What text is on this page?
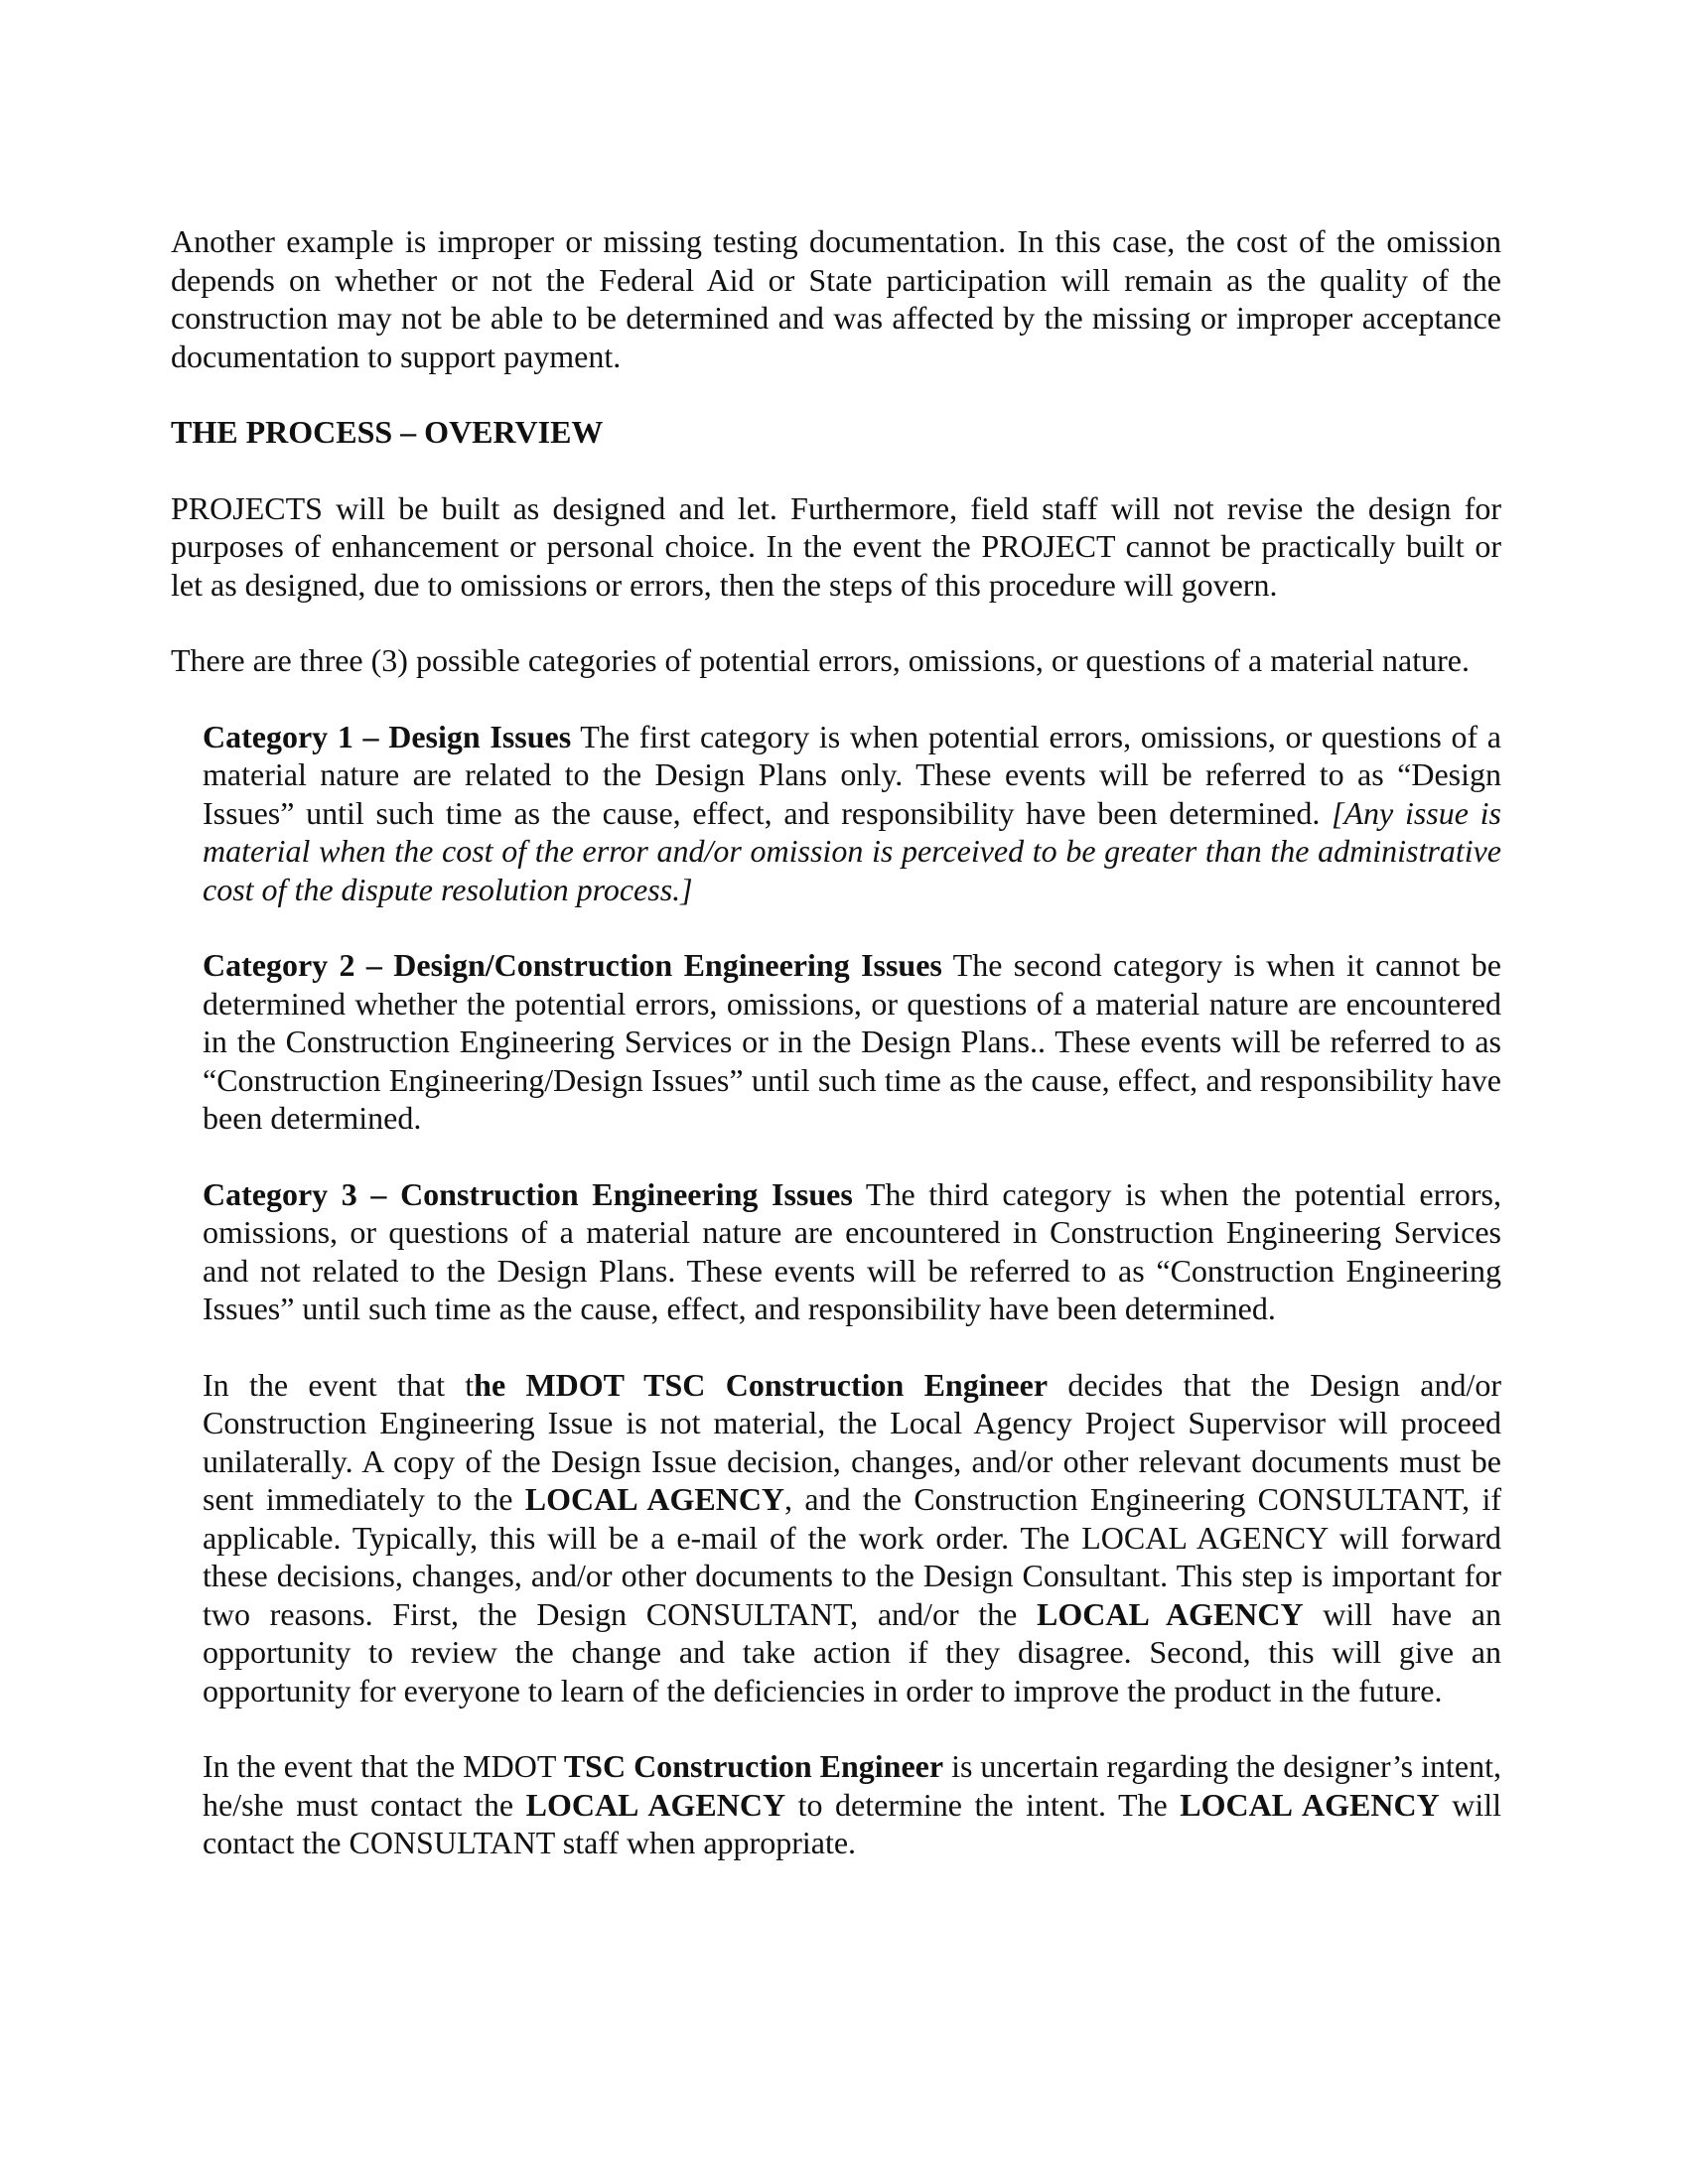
Another example is improper or missing testing documentation. In this case, the cost of the omission depends on whether or not the Federal Aid or State participation will remain as the quality of the construction may not be able to be determined and was affected by the missing or improper acceptance documentation to support payment.

THE PROCESS – OVERVIEW

PROJECTS will be built as designed and let. Furthermore, field staff will not revise the design for purposes of enhancement or personal choice. In the event the PROJECT cannot be practically built or let as designed, due to omissions or errors, then the steps of this procedure will govern.

There are three (3) possible categories of potential errors, omissions, or questions of a material nature.

Category 1 – Design Issues The first category is when potential errors, omissions, or questions of a material nature are related to the Design Plans only. These events will be referred to as “Design Issues” until such time as the cause, effect, and responsibility have been determined. [Any issue is material when the cost of the error and/or omission is perceived to be greater than the administrative cost of the dispute resolution process.]

Category 2 – Design/Construction Engineering Issues The second category is when it cannot be determined whether the potential errors, omissions, or questions of a material nature are encountered in the Construction Engineering Services or in the Design Plans.. These events will be referred to as “Construction Engineering/Design Issues” until such time as the cause, effect, and responsibility have been determined.

Category 3 – Construction Engineering Issues The third category is when the potential errors, omissions, or questions of a material nature are encountered in Construction Engineering Services and not related to the Design Plans. These events will be referred to as “Construction Engineering Issues” until such time as the cause, effect, and responsibility have been determined.

In the event that the MDOT TSC Construction Engineer decides that the Design and/or Construction Engineering Issue is not material, the Local Agency Project Supervisor will proceed unilaterally. A copy of the Design Issue decision, changes, and/or other relevant documents must be sent immediately to the LOCAL AGENCY, and the Construction Engineering CONSULTANT, if applicable. Typically, this will be a e-mail of the work order. The LOCAL AGENCY will forward these decisions, changes, and/or other documents to the Design Consultant. This step is important for two reasons. First, the Design CONSULTANT, and/or the LOCAL AGENCY will have an opportunity to review the change and take action if they disagree. Second, this will give an opportunity for everyone to learn of the deficiencies in order to improve the product in the future.

In the event that the MDOT TSC Construction Engineer is uncertain regarding the designer’s intent, he/she must contact the LOCAL AGENCY to determine the intent. The LOCAL AGENCY will contact the CONSULTANT staff when appropriate.
